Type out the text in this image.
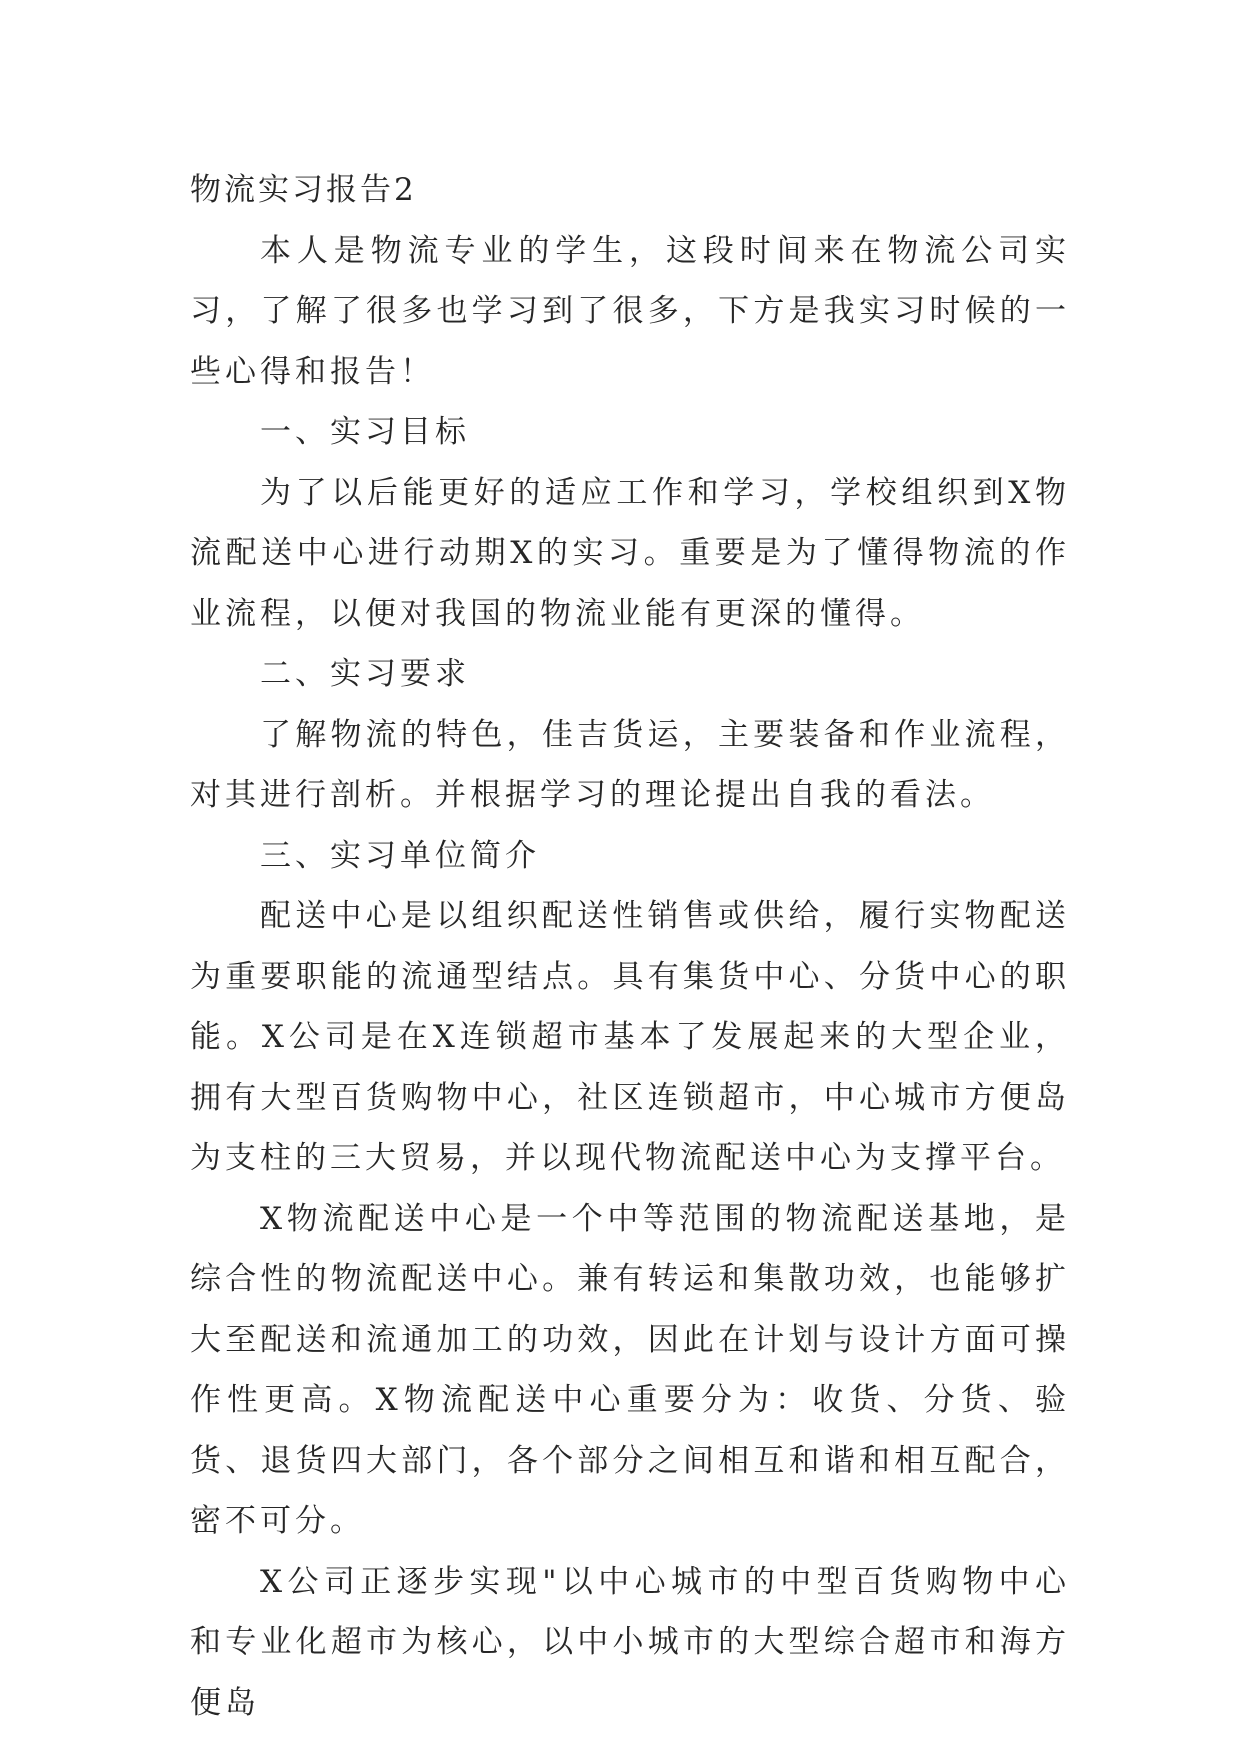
物流实习报告2

本人是物流专业的学生，这段时间来在物流公司实习，了解了很多也学习到了很多，下方是我实习时候的一些心得和报告！

一、实习目标

为了以后能更好的适应工作和学习，学校组织到X物流配送中心进行动期X的实习。重要是为了懂得物流的作业流程，以便对我国的物流业能有更深的懂得。

二、实习要求

了解物流的特色，佳吉货运，主要装备和作业流程，对其进行剖析。并根据学习的理论提出自我的看法。

三、实习单位简介

配送中心是以组织配送性销售或供给，履行实物配送为重要职能的流通型结点。具有集货中心、分货中心的职能。X公司是在X连锁超市基本了发展起来的大型企业，拥有大型百货购物中心，社区连锁超市，中心城市方便岛为支柱的三大贸易，并以现代物流配送中心为支撑平台。

X物流配送中心是一个中等范围的物流配送基地，是综合性的物流配送中心。兼有转运和集散功效，也能够扩大至配送和流通加工的功效，因此在计划与设计方面可操作性更高。X物流配送中心重要分为：收货、分货、验货、退货四大部门，各个部分之间相互和谐和相互配合，密不可分。

X公司正逐步实现"以中心城市的中型百货购物中心和专业化超市为核心，以中小城市的大型综合超市和海方便岛
